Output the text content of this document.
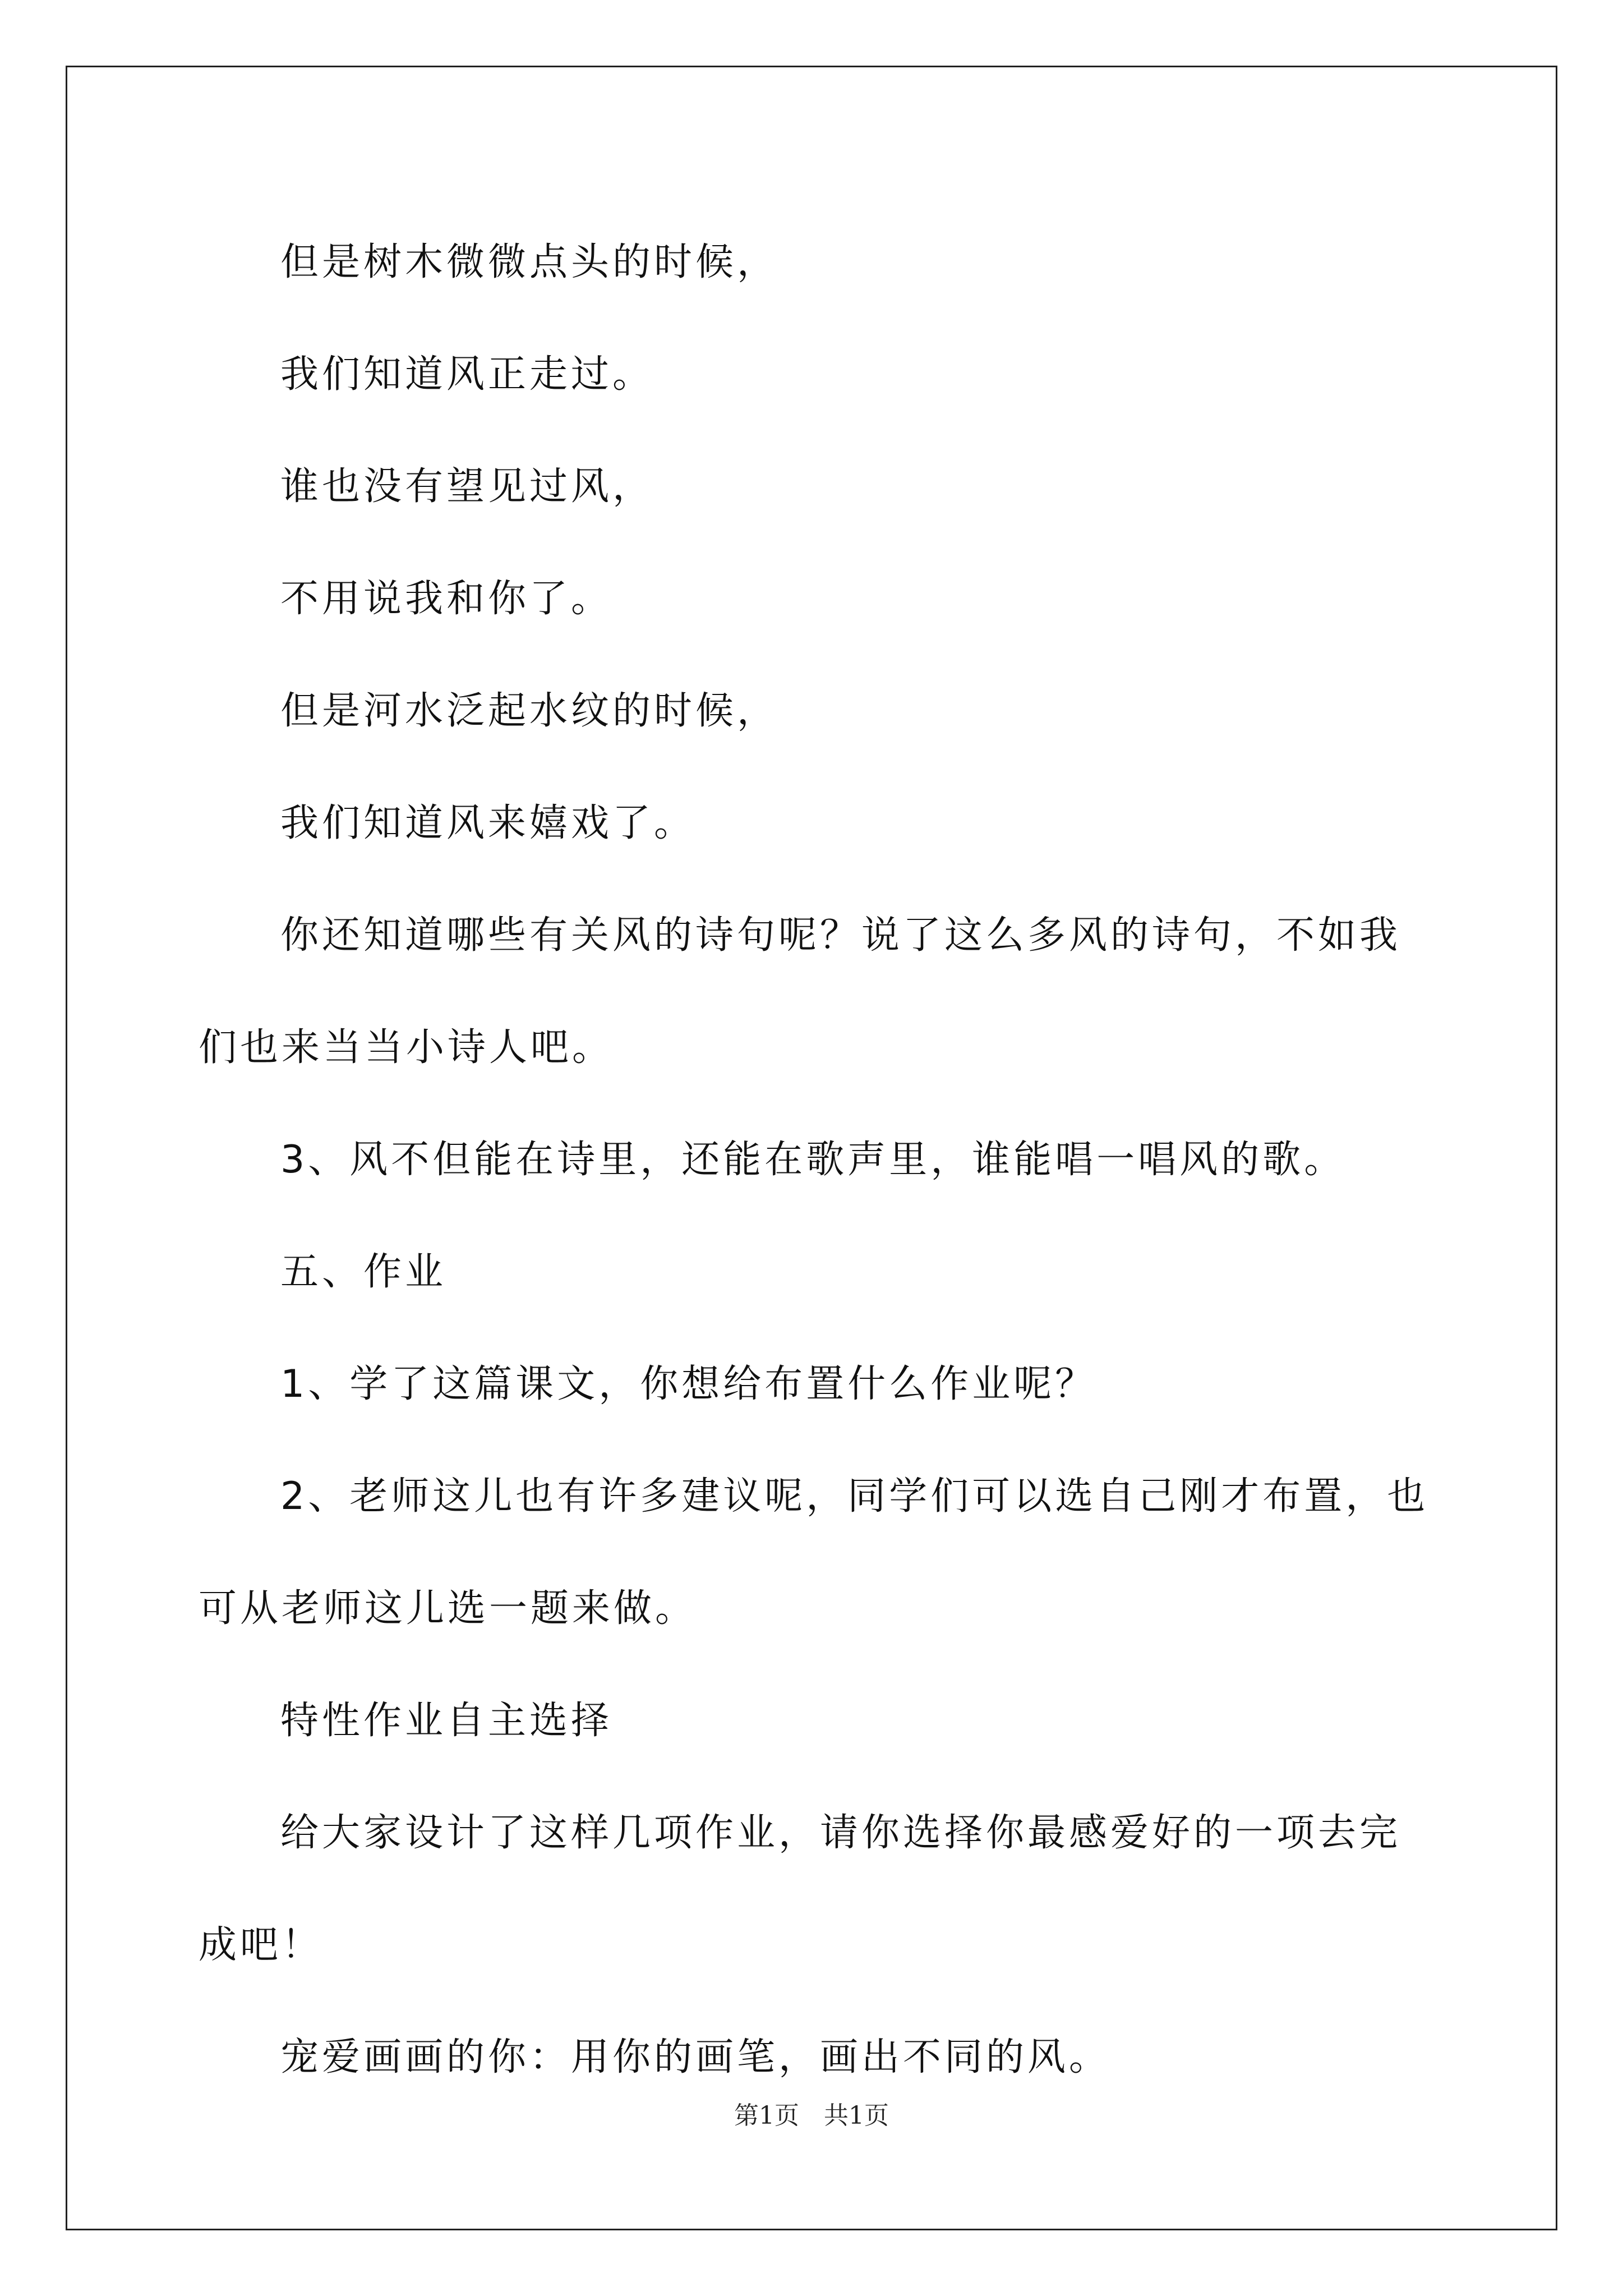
但是树木微微点头的时候，

我们知道风正走过。

谁也没有望见过风，

不用说我和你了。

但是河水泛起水纹的时候，

我们知道风来嬉戏了。

你还知道哪些有关风的诗句呢？说了这么多风的诗句，不如我们也来当当小诗人吧。

3、风不但能在诗里，还能在歌声里，谁能唱一唱风的歌。

五、作业

1、学了这篇课文，你想给布置什么作业呢？

2、老师这儿也有许多建议呢，同学们可以选自己刚才布置，也可从老师这儿选一题来做。

特性作业自主选择

给大家设计了这样几项作业，请你选择你最感爱好的一项去完成吧！

宠爱画画的你：用你的画笔，画出不同的风。

第1页　共1页
